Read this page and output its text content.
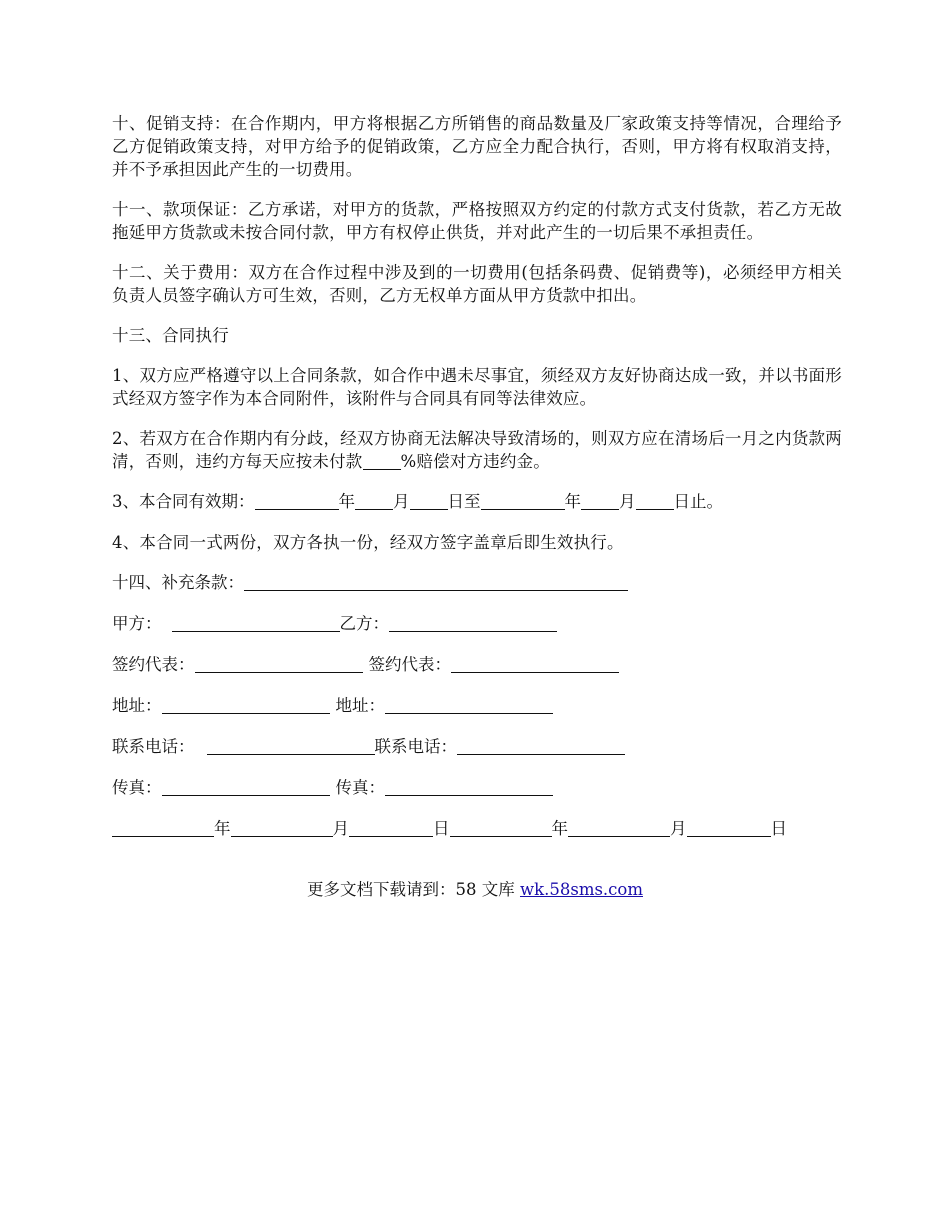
十、促销支持：在合作期内，甲方将根据乙方所销售的商品数量及厂家政策支持等情况，合理给予乙方促销政策支持，对甲方给予的促销政策，乙方应全力配合执行，否则，甲方将有权取消支持，并不予承担因此产生的一切费用。

十一、款项保证：乙方承诺，对甲方的货款，严格按照双方约定的付款方式支付货款，若乙方无故拖延甲方货款或未按合同付款，甲方有权停止供货，并对此产生的一切后果不承担责任。

十二、关于费用：双方在合作过程中涉及到的一切费用(包括条码费、促销费等)，必须经甲方相关负责人员签字确认方可生效，否则，乙方无权单方面从甲方货款中扣出。

十三、合同执行

1、双方应严格遵守以上合同条款，如合作中遇未尽事宜，须经双方友好协商达成一致，并以书面形式经双方签字作为本合同附件，该附件与合同具有同等法律效应。

2、若双方在合作期内有分歧，经双方协商无法解决导致清场的，则双方应在清场后一月之内货款两清，否则，违约方每天应按未付款 %赔偿对方违约金。

3、本合同有效期：	年 月 日至	年 月 日止。

4、本合同一式两份，双方各执一份，经双方签字盖章后即生效执行。

十四、补充条款：
甲方：	乙方：
签约代表：	签约代表：
地址：	地址：
联系电话：	联系电话：
传真：	传真：
年	月	日	年	月	日
更多文档下载请到：58 文库 wk.58sms.com
